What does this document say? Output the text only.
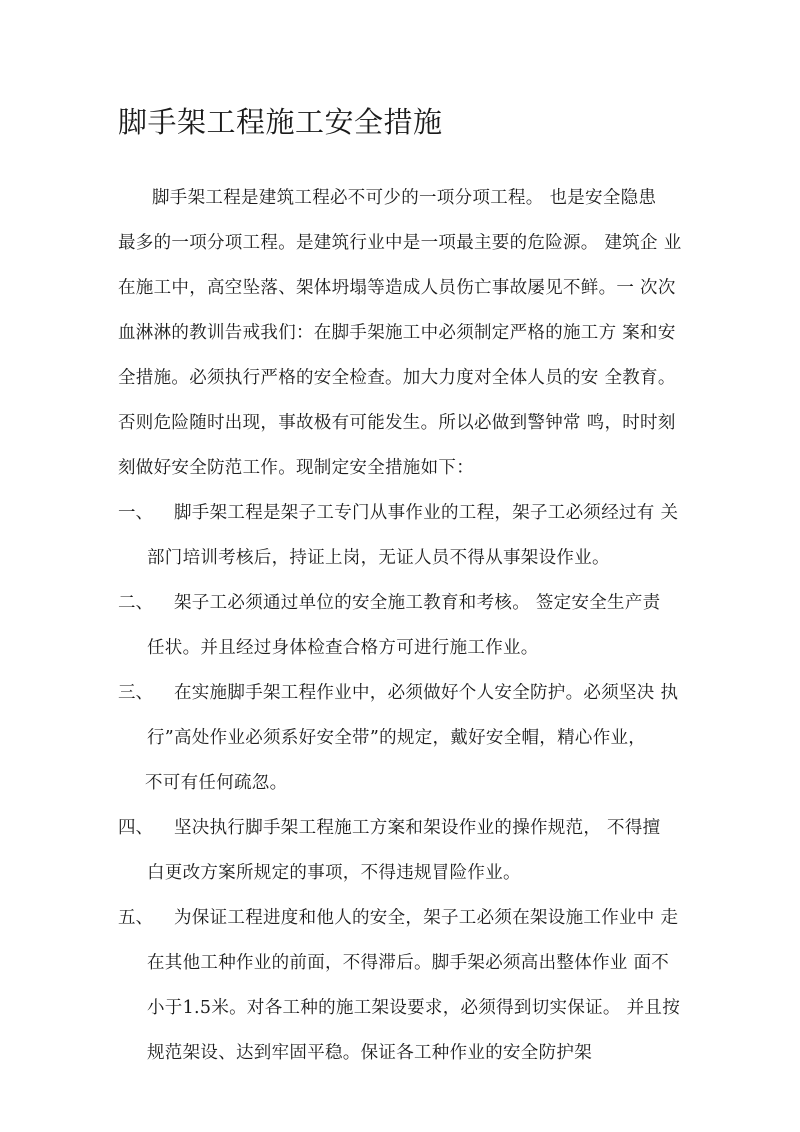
脚手架工程施工安全措施
脚手架工程是建筑工程必不可少的一项分项工程。 也是安全隐患
最多的一项分项工程。是建筑行业中是一项最主要的危险源。 建筑企 业
在施工中，高空坠落、架体坍塌等造成人员伤亡事故屡见不鲜。一 次次
血淋淋的教训告戒我们：在脚手架施工中必须制定严格的施工方 案和安
全措施。必须执行严格的安全检查。加大力度对全体人员的安 全教育。
否则危险随时出现，事故极有可能发生。所以必做到警钟常 鸣，时时刻
刻做好安全防范工作。现制定安全措施如下：
一、 脚手架工程是架子工专门从事作业的工程，架子工必须经过有 关
部门培训考核后，持证上岗，无证人员不得从事架设作业。
二、 架子工必须通过单位的安全施工教育和考核。 签定安全生产责
任状。并且经过身体检查合格方可进行施工作业。
三、 在实施脚手架工程作业中，必须做好个人安全防护。必须坚决 执
行”高处作业必须系好安全带”的规定，戴好安全帽，精心作业，
不可有任何疏忽。
四、 坚决执行脚手架工程施工方案和架设作业的操作规范， 不得擅
白更改方案所规定的事项，不得违规冒险作业。
五、 为保证工程进度和他人的安全，架子工必须在架设施工作业中 走
在其他工种作业的前面，不得滞后。脚手架必须高出整体作业 面不
小于1.5米。对各工种的施工架设要求，必须得到切实保证。 并且按
规范架设、达到牢固平稳。保证各工种作业的安全防护架
